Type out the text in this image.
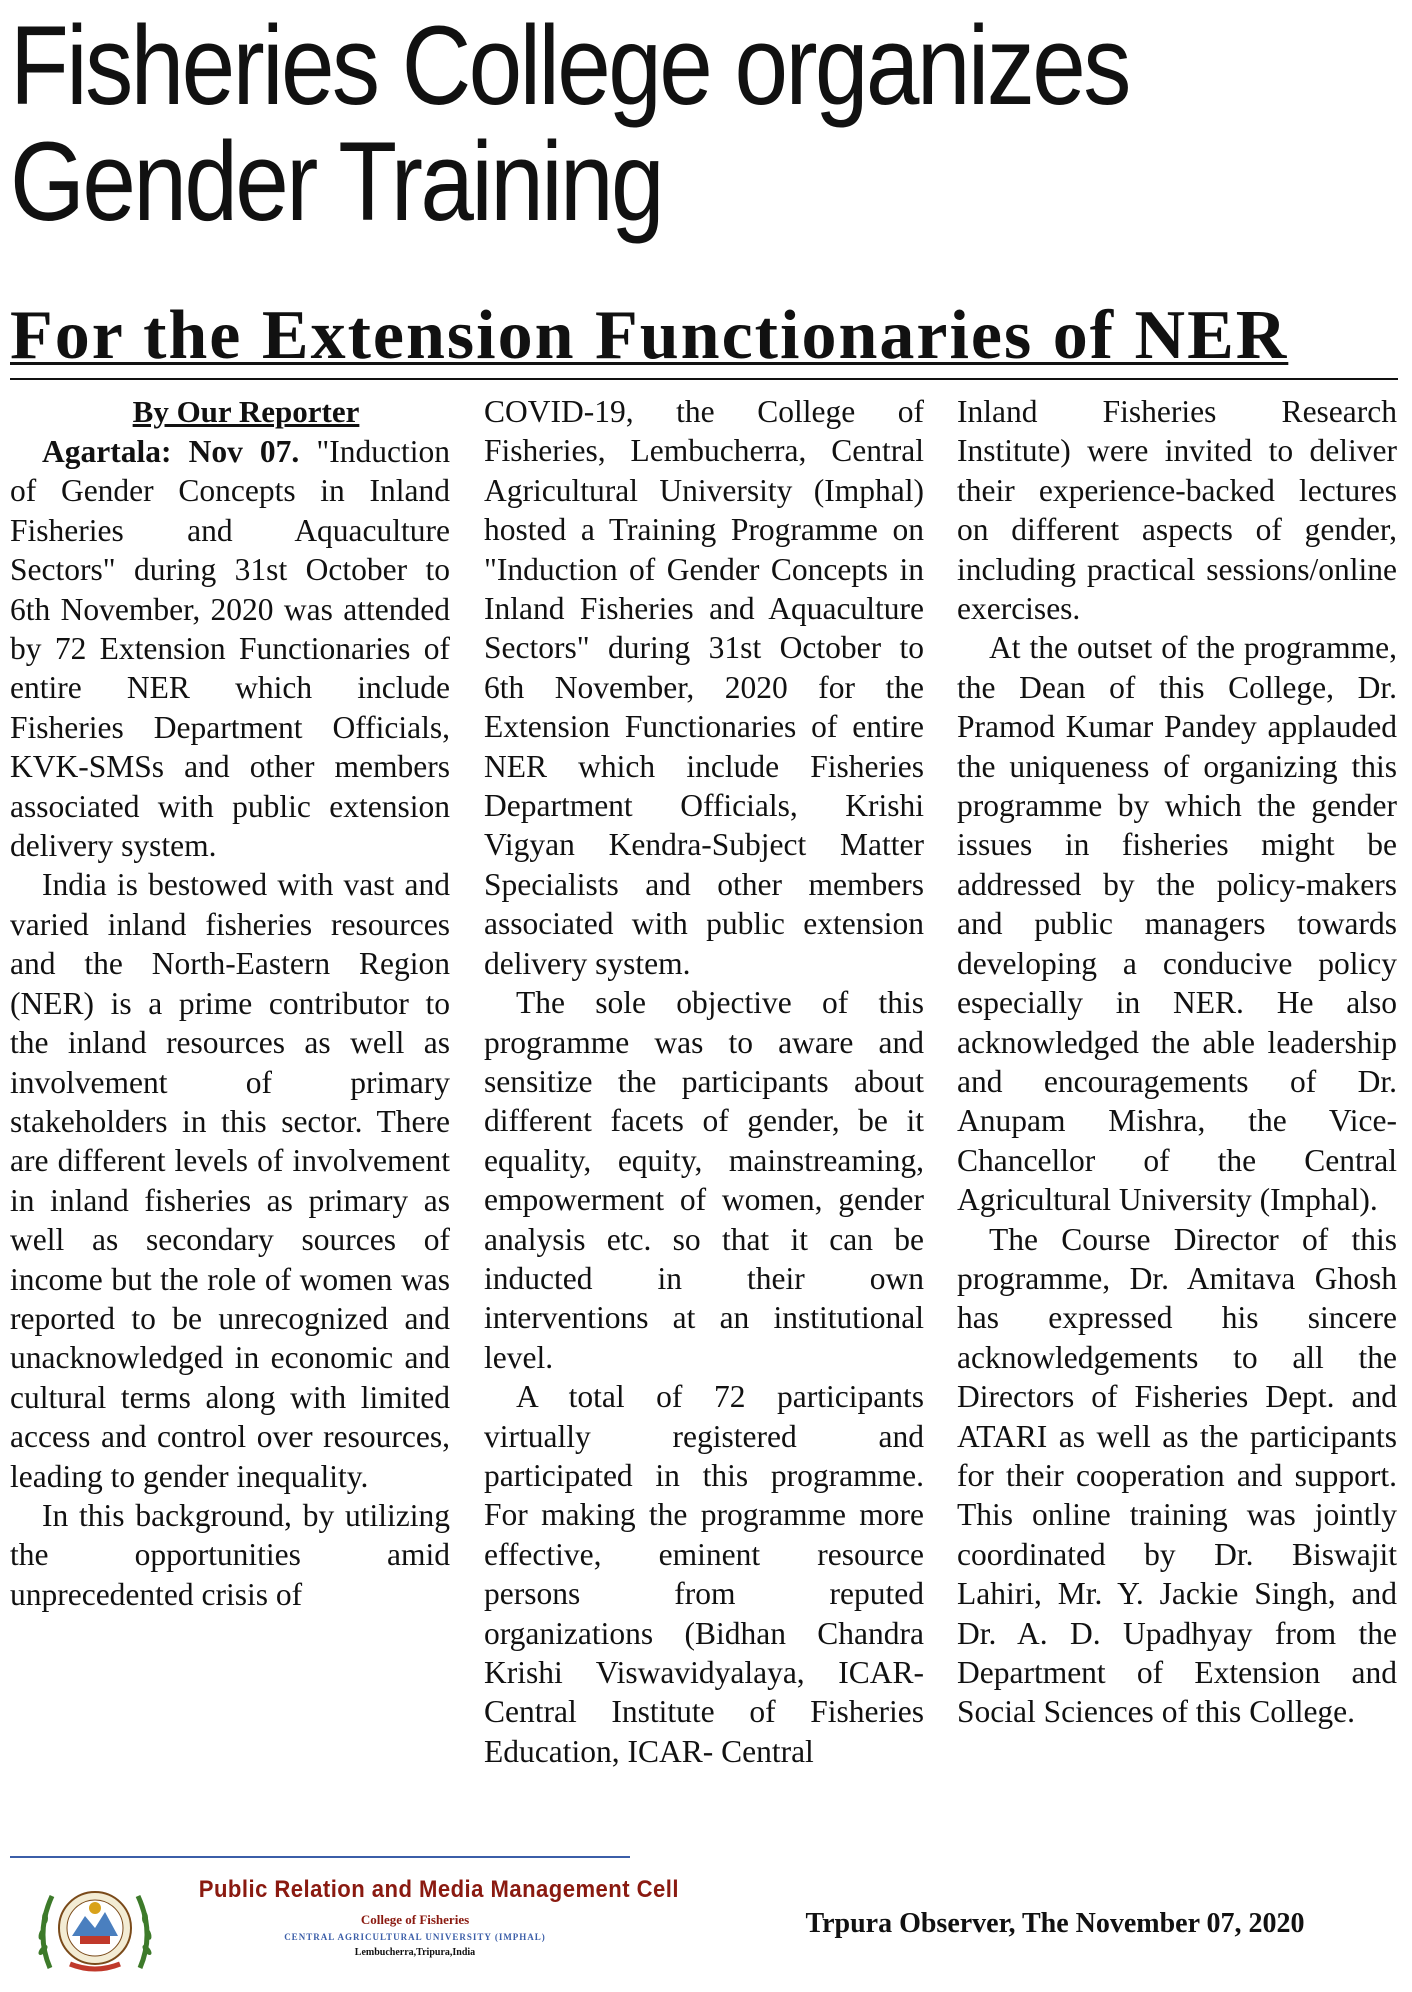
Fisheries College organizes
Gender Training
For the Extension Functionaries of NER

By Our Reporter

Agartala: Nov 07. "Induction of Gender Concepts in Inland Fisheries and Aquaculture Sectors" during 31st October to 6th November, 2020 was attended by 72 Extension Functionaries of entire NER which include Fisheries Department Officials, KVK-SMSs and other members associated with public extension delivery system.

India is bestowed with vast and varied inland fisheries resources and the North-Eastern Region (NER) is a prime contributor to the inland resources as well as involvement of primary stakeholders in this sector. There are different levels of involvement in inland fisheries as primary as well as secondary sources of income but the role of women was reported to be unrecognized and unacknowledged in economic and cultural terms along with limited access and control over resources, leading to gender inequality.

In this background, by utilizing the opportunities amid unprecedented crisis of

COVID-19, the College of Fisheries, Lembucherra, Central Agricultural University (Imphal) hosted a Training Programme on "Induction of Gender Concepts in Inland Fisheries and Aquaculture Sectors" during 31st October to 6th November, 2020 for the Extension Functionaries of entire NER which include Fisheries Department Officials, Krishi Vigyan Kendra-Subject Matter Specialists and other members associated with public extension delivery system.

The sole objective of this programme was to aware and sensitize the participants about different facets of gender, be it equality, equity, mainstreaming, empowerment of women, gender analysis etc. so that it can be inducted in their own interventions at an institutional level.

A total of 72 participants virtually registered and participated in this programme. For making the programme more effective, eminent resource persons from reputed organizations (Bidhan Chandra Krishi Viswavidyalaya, ICAR-Central Institute of Fisheries Education, ICAR- Central

Inland Fisheries Research Institute) were invited to deliver their experience-backed lectures on different aspects of gender, including practical sessions/online exercises.

At the outset of the programme, the Dean of this College, Dr. Pramod Kumar Pandey applauded the uniqueness of organizing this programme by which the gender issues in fisheries might be addressed by the policy-makers and public managers towards developing a conducive policy especially in NER. He also acknowledged the able leadership and encouragements of Dr. Anupam Mishra, the Vice-Chancellor of the Central Agricultural University (Imphal).

The Course Director of this programme, Dr. Amitava Ghosh has expressed his sincere acknowledgements to all the Directors of Fisheries Dept. and ATARI as well as the participants for their cooperation and support. This online training was jointly coordinated by Dr. Biswajit Lahiri, Mr. Y. Jackie Singh, and Dr. A. D. Upadhyay from the Department of Extension and Social Sciences of this College.

Public Relation and Media Management Cell
College of Fisheries
CENTRAL AGRICULTURAL UNIVERSITY (IMPHAL)
Lembucherra,Tripura,India
Trpura Observer, The November 07, 2020
